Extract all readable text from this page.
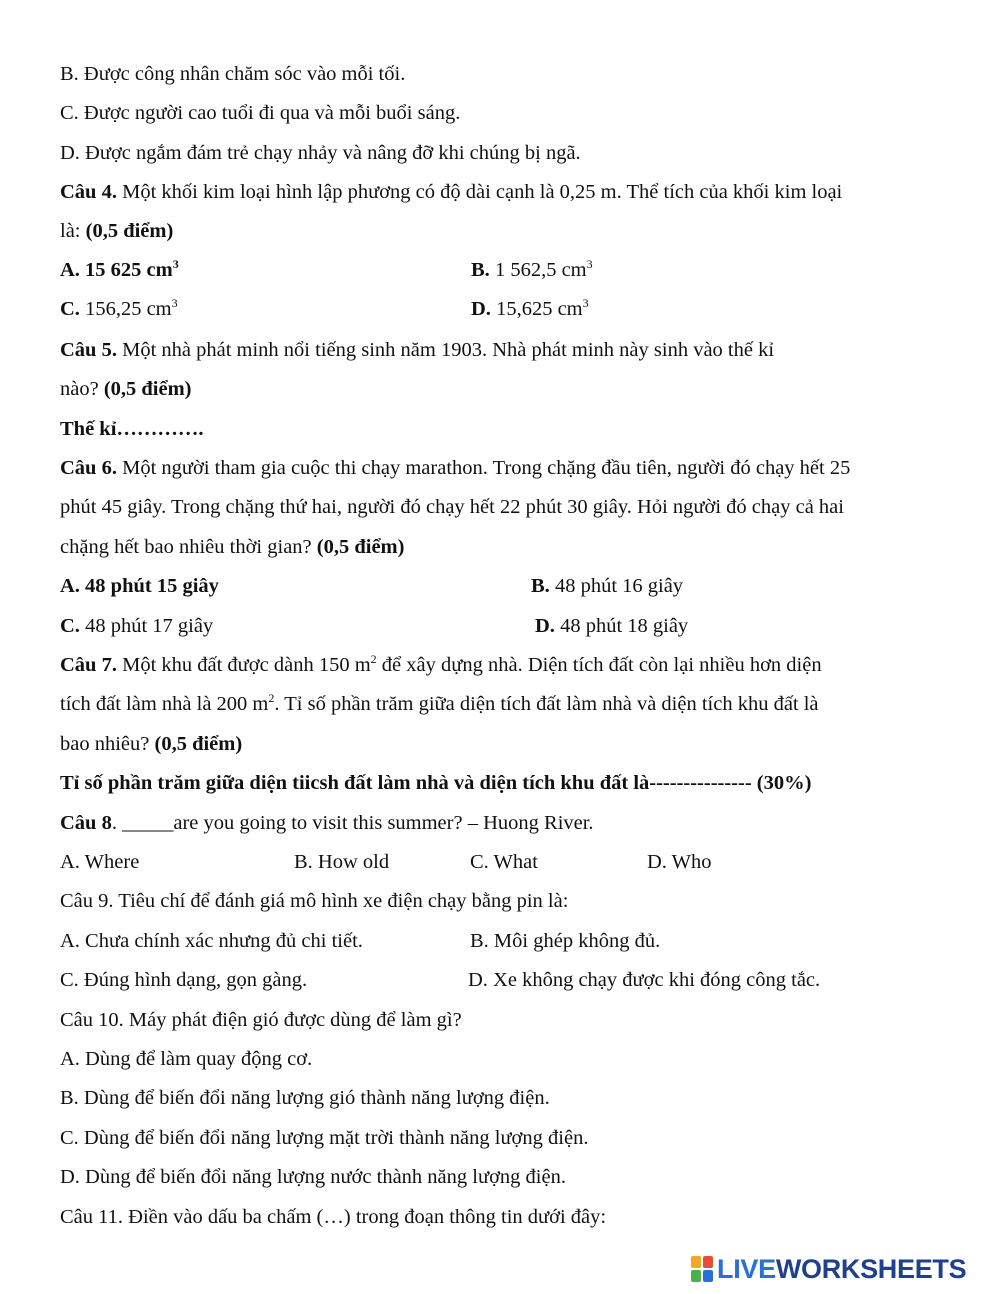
B. Được công nhân chăm sóc vào mỗi tối.
C. Được người cao tuổi đi qua và mỗi buổi sáng.
D. Được ngắm đám trẻ chạy nhảy và nâng đỡ khi chúng bị ngã.
Câu 4. Một khối kim loại hình lập phương có độ dài cạnh là 0,25 m. Thể tích của khối kim loại
là: (0,5 điểm)
A. 15 625 $cm^3$	B. 1 562,5 $cm^3$
C. 156,25 $cm^3$	D. 15,625 $cm^3$
Câu 5. Một nhà phát minh nổi tiếng sinh năm 1903. Nhà phát minh này sinh vào thế kỉ
nào? (0,5 điểm)
Thế kỉ………….
Câu 6. Một người tham gia cuộc thi chạy marathon. Trong chặng đầu tiên, người đó chạy hết 25
phút 45 giây. Trong chặng thứ hai, người đó chạy hết 22 phút 30 giây. Hỏi người đó chạy cả hai
chặng hết bao nhiêu thời gian? (0,5 điểm)
A. 48 phút 15 giây	B. 48 phút 16 giây
C. 48 phút 17 giây	D. 48 phút 18 giây
Câu 7. Một khu đất được dành 150 $m^2$ để xây dựng nhà. Diện tích đất còn lại nhiều hơn diện
tích đất làm nhà là 200 $m^2$. Tỉ số phần trăm giữa diện tích đất làm nhà và diện tích khu đất là
bao nhiêu? (0,5 điểm)
Tỉ số phần trăm giữa diện tiicsh đất làm nhà và diện tích khu đất là--------------- (30%)
Câu 8. _____are you going to visit this summer? – Huong River.
A. Where	B. How old	C. What	D. Who
Câu 9. Tiêu chí để đánh giá mô hình xe điện chạy bằng pin là:
A. Chưa chính xác nhưng đủ chi tiết.	B. Môi ghép không đủ.
C. Đúng hình dạng, gọn gàng.	D. Xe không chạy được khi đóng công tắc.
Câu 10. Máy phát điện gió được dùng để làm gì?
A. Dùng để làm quay động cơ.
B. Dùng để biến đổi năng lượng gió thành năng lượng điện.
C. Dùng để biến đổi năng lượng mặt trời thành năng lượng điện.
D. Dùng để biến đổi năng lượng nước thành năng lượng điện.
Câu 11. Điền vào dấu ba chấm (…) trong đoạn thông tin dưới đây:
LIVEWORKSHEETS
